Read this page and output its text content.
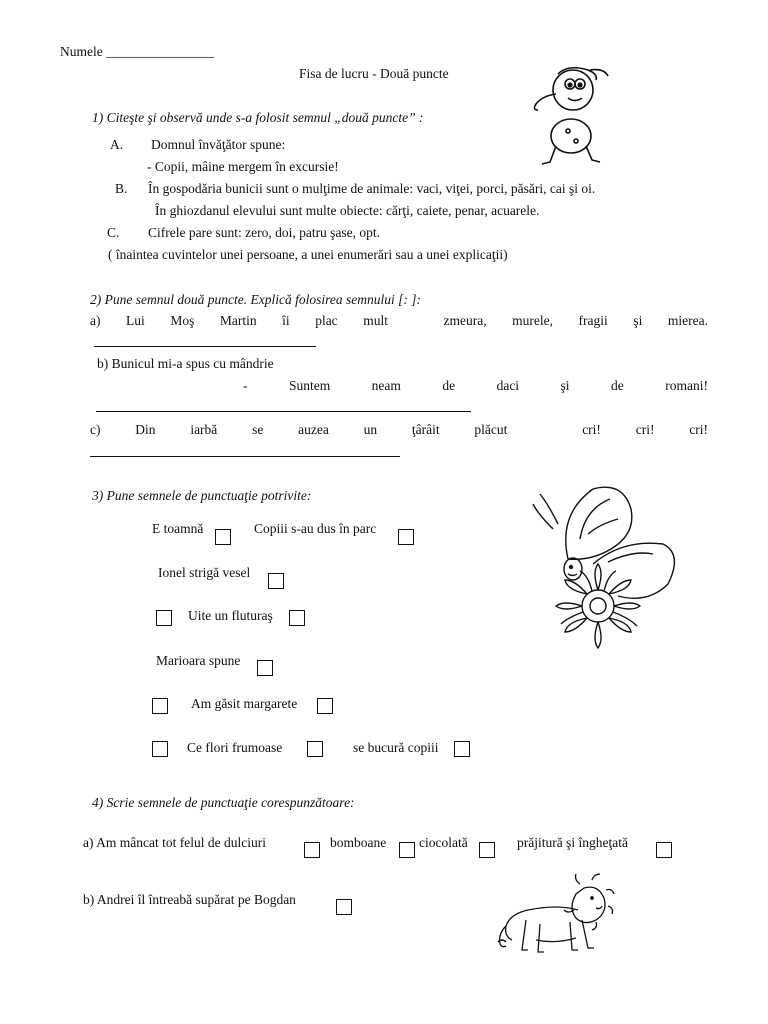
Numele ________________
Fisa de lucru - Două puncte
1) Citeşte şi observă unde s-a folosit semnul „două puncte” :
A. Domnul învăţător spune:
- Copii, mâine mergem în excursie!
B. În gospodăria bunicii sunt o mulţime de animale: vaci, viţei, porci, păsări, cai şi oi.
În ghiozdanul elevului sunt multe obiecte: cărţi, caiete, penar, acuarele.
C. Cifrele pare sunt: zero, doi, patru şase, opt.
( înaintea cuvintelor unei persoane, a unei enumerări sau a unei explicaţii)
2) Pune semnul două puncte. Explică folosirea semnului [: ]:
a) Lui Moş Martin îi plac mult	zmeura, murele, fragii şi mierea.
b) Bunicul mi-a spus cu mândrie
-	Suntem	neam	de	daci	şi	de	romani!
c)	Din	iarbă	se	auzea	un	ţârâit	plăcut	cri!	cri!	cri!
3) Pune semnele de punctuaţie potrivite:
E toamnă	Copiii s-au dus în parc
Ionel strigă vesel
Uite un fluturaş
Marioara spune
Am găsit margarete
Ce flori frumoase	se bucură copiii
4) Scrie semnele de punctuaţie corespunzătoare:
a) Am mâncat tot felul de dulciuri	bomboane ciocolată	prăjitură şi îngheţată
b) Andrei îl întreabă supărat pe Bogdan
